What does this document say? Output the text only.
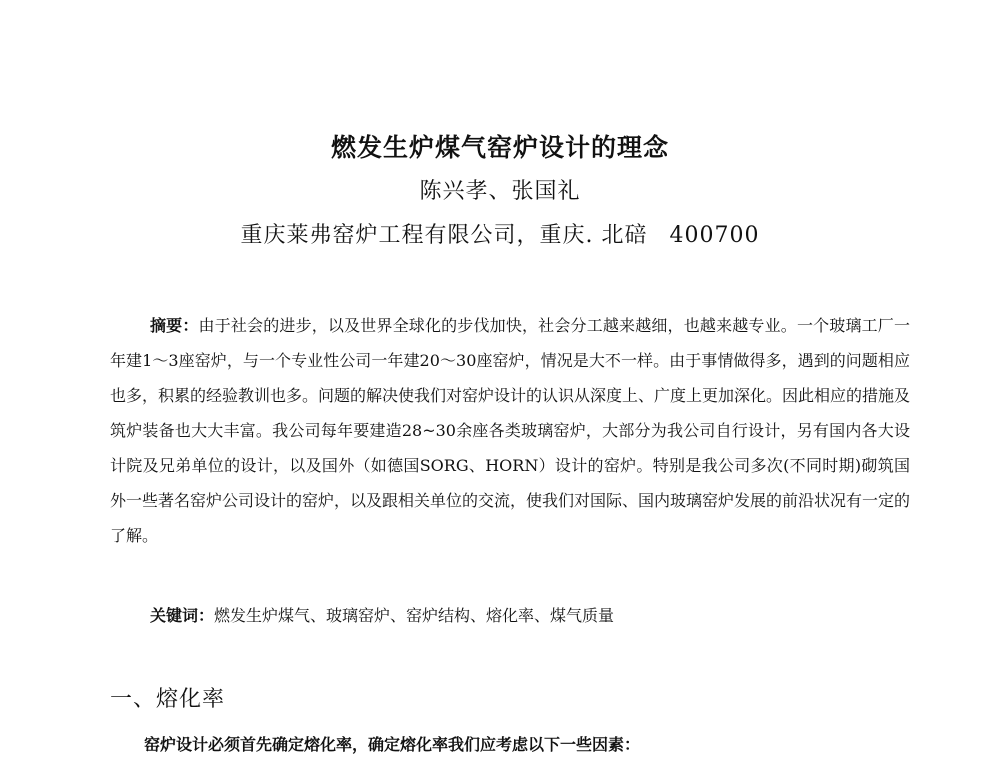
燃发生炉煤气窑炉设计的理念
陈兴孝、张国礼
重庆莱弗窑炉工程有限公司，重庆. 北碚 400700
摘要：由于社会的进步，以及世界全球化的步伐加快，社会分工越来越细，也越来越专业。一个玻璃工厂一年建1～3座窑炉，与一个专业性公司一年建20～30座窑炉，情况是大不一样。由于事情做得多，遇到的问题相应也多，积累的经验教训也多。问题的解决使我们对窑炉设计的认识从深度上、广度上更加深化。因此相应的措施及筑炉装备也大大丰富。我公司每年要建造28~30余座各类玻璃窑炉，大部分为我公司自行设计，另有国内各大设计院及兄弟单位的设计，以及国外（如德国SORG、HORN）设计的窑炉。特别是我公司多次(不同时期)砌筑国外一些著名窑炉公司设计的窑炉，以及跟相关单位的交流，使我们对国际、国内玻璃窑炉发展的前沿状况有一定的了解。
关键词：燃发生炉煤气、玻璃窑炉、窑炉结构、熔化率、煤气质量
一、熔化率
窑炉设计必须首先确定熔化率，确定熔化率我们应考虑以下一些因素：
